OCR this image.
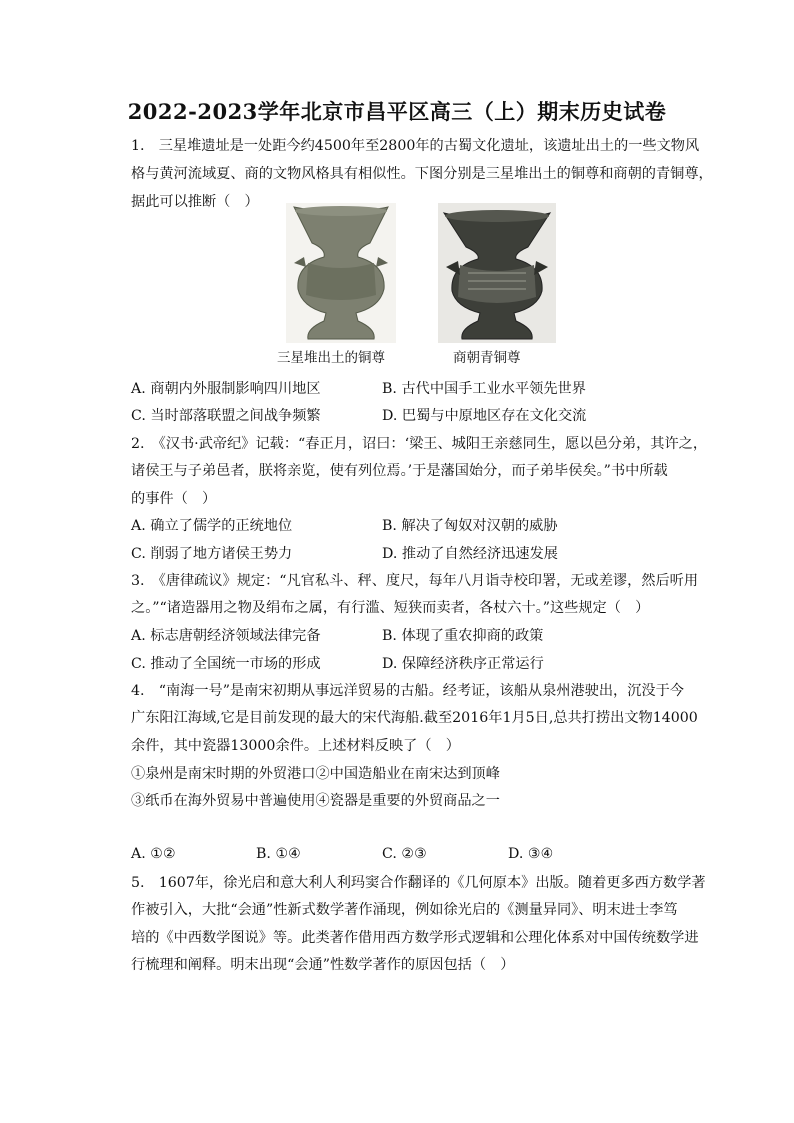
2022-2023学年北京市昌平区高三（上）期末历史试卷
1.　三星堆遗址是一处距今约4500年至2800年的古蜀文化遗址，该遗址出土的一些文物风
格与黄河流域夏、商的文物风格具有相似性。下图分别是三星堆出土的铜尊和商朝的青铜尊，
据此可以推断（　）
三星堆出土的铜尊	商朝青铜尊
A. 商朝内外服制影响四川地区	B. 古代中国手工业水平领先世界
C. 当时部落联盟之间战争频繁	D. 巴蜀与中原地区存在文化交流
2.　《汉书·武帝纪》记载：“春正月，诏曰：‘梁王、城阳王亲慈同生，愿以邑分弟，其许之，
诸侯王与子弟邑者，朕将亲览，使有列位焉。’于是藩国始分，而子弟毕侯矣。”书中所载
的事件（　）
A. 确立了儒学的正统地位	B. 解决了匈奴对汉朝的威胁
C. 削弱了地方诸侯王势力	D. 推动了自然经济迅速发展
3.　《唐律疏议》规定：“凡官私斗、秤、度尺，每年八月诣寺校印署，无或差谬，然后听用
之。”“诸造器用之物及绢布之属，有行滥、短狭而卖者，各杖六十。”这些规定（　）
A. 标志唐朝经济领域法律完备	B. 体现了重农抑商的政策
C. 推动了全国统一市场的形成	D. 保障经济秩序正常运行
4.　“南海一号”是南宋初期从事远洋贸易的古船。经考证，该船从泉州港驶出，沉没于今
广东阳江海域,它是目前发现的最大的宋代海船.截至2016年1月5日,总共打捞出文物14000
余件，其中瓷器13000余件。上述材料反映了（　）
①泉州是南宋时期的外贸港口②中国造船业在南宋达到顶峰
③纸币在海外贸易中普遍使用④瓷器是重要的外贸商品之一
A. ①②	B. ①④	C. ②③	D. ③④
5.　1607年，徐光启和意大利人利玛窦合作翻译的《几何原本》出版。随着更多西方数学著
作被引入，大批“会通”性新式数学著作涌现，例如徐光启的《测量异同》、明末进士李笃
培的《中西数学图说》等。此类著作借用西方数学形式逻辑和公理化体系对中国传统数学进
行梳理和阐释。明末出现“会通”性数学著作的原因包括（　）
